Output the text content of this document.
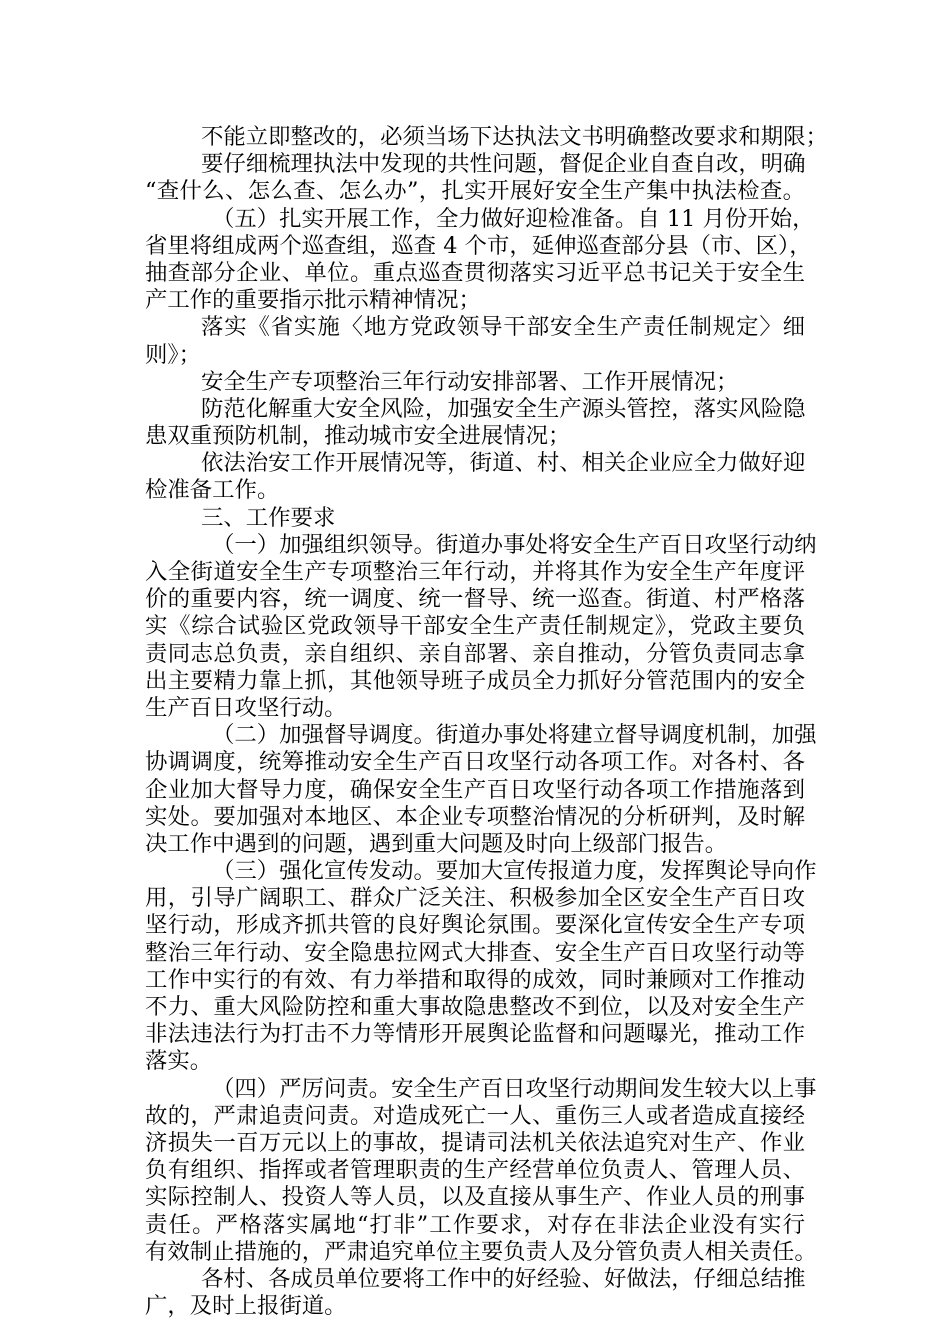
不能立即整改的，必须当场下达执法文书明确整改要求和期限；
要仔细梳理执法中发现的共性问题，督促企业自查自改，明确
“查什么、怎么查、怎么办”，扎实开展好安全生产集中执法检查。
（五）扎实开展工作，全力做好迎检准备。自 11 月份开始，
省里将组成两个巡查组，巡查 4 个市，延伸巡查部分县（市、区），
抽查部分企业、单位。重点巡查贯彻落实习近平总书记关于安全生
产工作的重要指示批示精神情况；
落实《省实施〈地方党政领导干部安全生产责任制规定〉细
则》；
安全生产专项整治三年行动安排部署、工作开展情况；
防范化解重大安全风险，加强安全生产源头管控，落实风险隐
患双重预防机制，推动城市安全进展情况；
依法治安工作开展情况等，街道、村、相关企业应全力做好迎
检准备工作。
三、工作要求
（一）加强组织领导。街道办事处将安全生产百日攻坚行动纳
入全街道安全生产专项整治三年行动，并将其作为安全生产年度评
价的重要内容，统一调度、统一督导、统一巡查。街道、村严格落
实《综合试验区党政领导干部安全生产责任制规定》，党政主要负
责同志总负责，亲自组织、亲自部署、亲自推动，分管负责同志拿
出主要精力靠上抓，其他领导班子成员全力抓好分管范围内的安全
生产百日攻坚行动。
（二）加强督导调度。街道办事处将建立督导调度机制，加强
协调调度，统筹推动安全生产百日攻坚行动各项工作。对各村、各
企业加大督导力度，确保安全生产百日攻坚行动各项工作措施落到
实处。要加强对本地区、本企业专项整治情况的分析研判，及时解
决工作中遇到的问题，遇到重大问题及时向上级部门报告。
（三）强化宣传发动。要加大宣传报道力度，发挥舆论导向作
用，引导广阔职工、群众广泛关注、积极参加全区安全生产百日攻
坚行动，形成齐抓共管的良好舆论氛围。要深化宣传安全生产专项
整治三年行动、安全隐患拉网式大排查、安全生产百日攻坚行动等
工作中实行的有效、有力举措和取得的成效，同时兼顾对工作推动
不力、重大风险防控和重大事故隐患整改不到位，以及对安全生产
非法违法行为打击不力等情形开展舆论监督和问题曝光，推动工作
落实。
（四）严厉问责。安全生产百日攻坚行动期间发生较大以上事
故的，严肃追责问责。对造成死亡一人、重伤三人或者造成直接经
济损失一百万元以上的事故，提请司法机关依法追究对生产、作业
负有组织、指挥或者管理职责的生产经营单位负责人、管理人员、
实际控制人、投资人等人员，以及直接从事生产、作业人员的刑事
责任。严格落实属地“打非”工作要求，对存在非法企业没有实行
有效制止措施的，严肃追究单位主要负责人及分管负责人相关责任。
各村、各成员单位要将工作中的好经验、好做法，仔细总结推
广，及时上报街道。
